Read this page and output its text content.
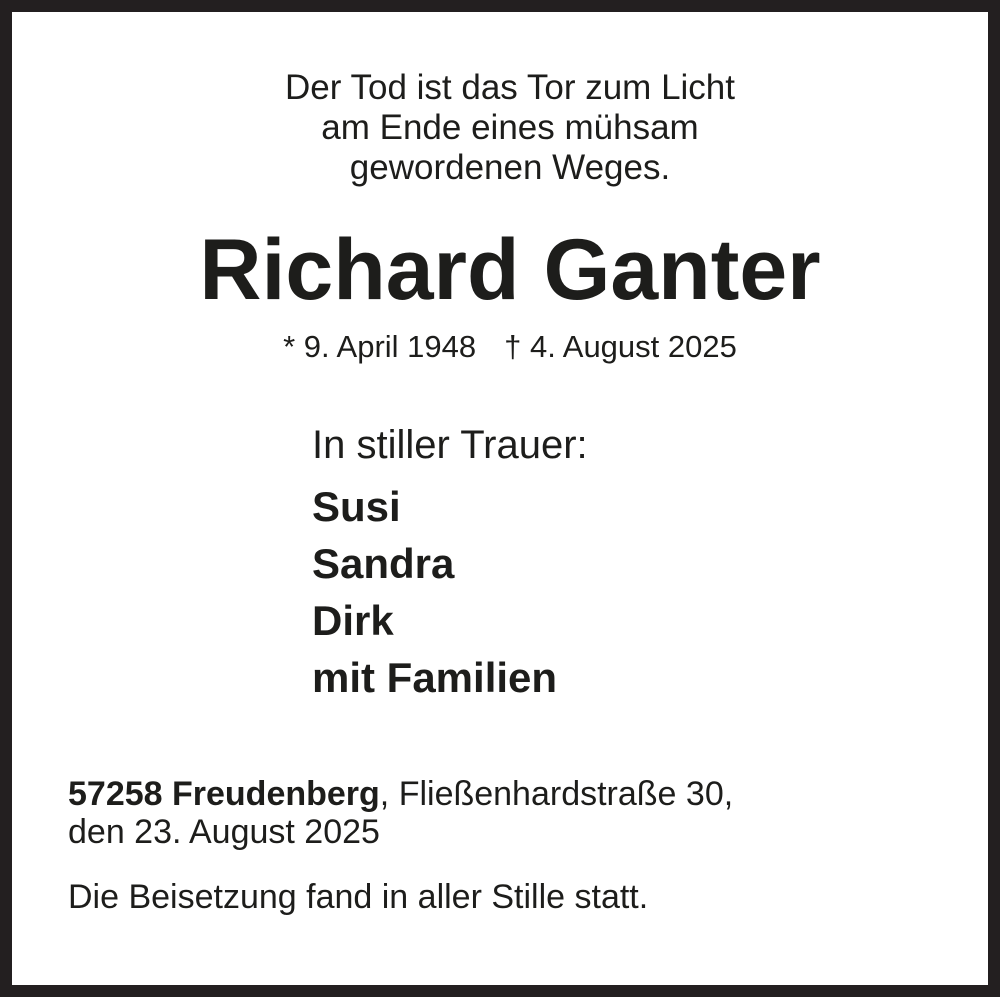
Der Tod ist das Tor zum Licht
am Ende eines mühsam
gewordenen Weges.
Richard Ganter
* 9. April 1948 † 4. August 2025
In stiller Trauer:
Susi
Sandra
Dirk
mit Familien

57258 Freudenberg, Fließenhardstraße 30,
den 23. August 2025

Die Beisetzung fand in aller Stille statt.
